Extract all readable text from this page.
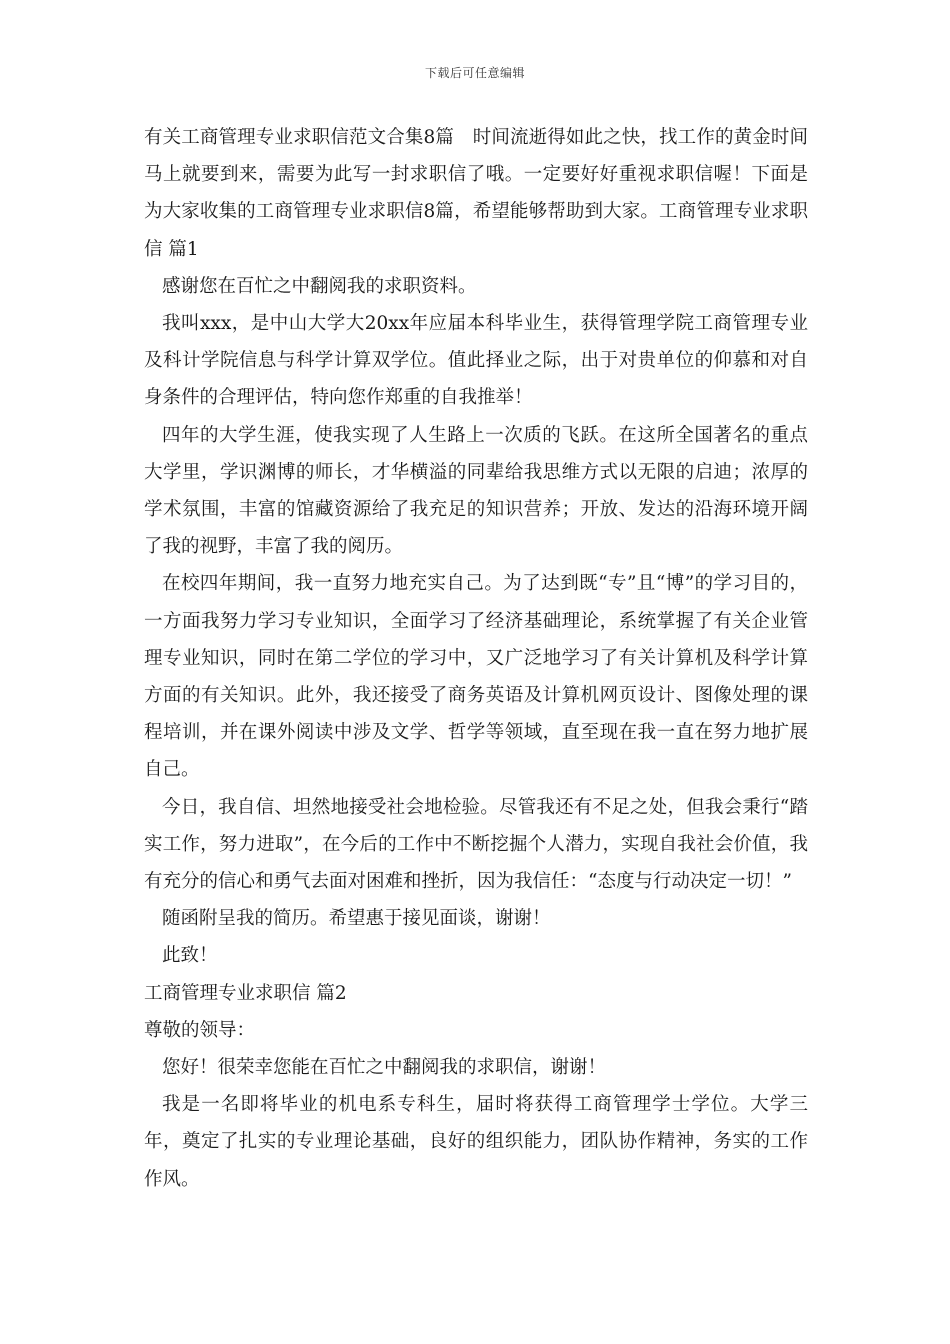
下载后可任意编辑

有关工商管理专业求职信范文合集8篇　时间流逝得如此之快，找工作的黄金时间马上就要到来，需要为此写一封求职信了哦。一定要好好重视求职信喔！下面是为大家收集的工商管理专业求职信8篇，希望能够帮助到大家。工商管理专业求职信 篇1

感谢您在百忙之中翻阅我的求职资料。

我叫xxx，是中山大学大20xx年应届本科毕业生，获得管理学院工商管理专业及科计学院信息与科学计算双学位。值此择业之际，出于对贵单位的仰慕和对自身条件的合理评估，特向您作郑重的自我推举！

四年的大学生涯，使我实现了人生路上一次质的飞跃。在这所全国著名的重点大学里，学识渊博的师长，才华横溢的同辈给我思维方式以无限的启迪；浓厚的学术氛围，丰富的馆藏资源给了我充足的知识营养；开放、发达的沿海环境开阔了我的视野，丰富了我的阅历。

在校四年期间，我一直努力地充实自己。为了达到既“专”且“博”的学习目的，一方面我努力学习专业知识，全面学习了经济基础理论，系统掌握了有关企业管理专业知识，同时在第二学位的学习中，又广泛地学习了有关计算机及科学计算方面的有关知识。此外，我还接受了商务英语及计算机网页设计、图像处理的课程培训，并在课外阅读中涉及文学、哲学等领域，直至现在我一直在努力地扩展自己。

今日，我自信、坦然地接受社会地检验。尽管我还有不足之处，但我会秉行“踏实工作，努力进取”，在今后的工作中不断挖掘个人潜力，实现自我社会价值，我有充分的信心和勇气去面对困难和挫折，因为我信任：“态度与行动决定一切！”

随函附呈我的简历。希望惠于接见面谈，谢谢！

此致！

工商管理专业求职信 篇2

尊敬的领导：

您好！很荣幸您能在百忙之中翻阅我的求职信，谢谢！

我是一名即将毕业的机电系专科生，届时将获得工商管理学士学位。大学三年，奠定了扎实的专业理论基础，良好的组织能力，团队协作精神，务实的工作作风。
